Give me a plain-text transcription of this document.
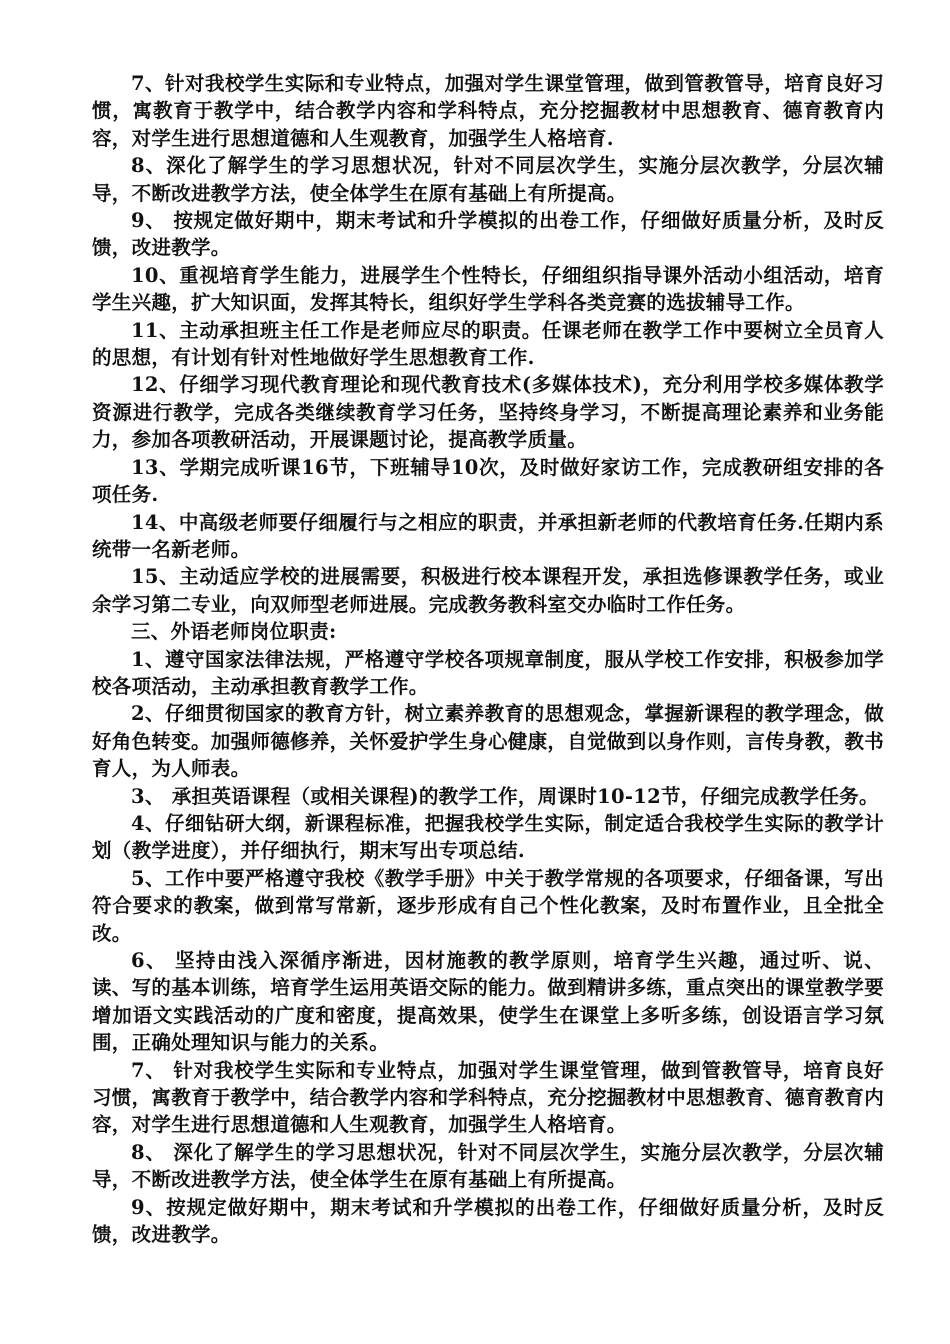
7、针对我校学生实际和专业特点，加强对学生课堂管理，做到管教管导，培育良好习惯，寓教育于教学中，结合教学内容和学科特点，充分挖掘教材中思想教育、德育教育内容，对学生进行思想道德和人生观教育，加强学生人格培育.

8、深化了解学生的学习思想状况，针对不同层次学生，实施分层次教学，分层次辅导，不断改进教学方法，使全体学生在原有基础上有所提高。

9、 按规定做好期中，期末考试和升学模拟的出卷工作，仔细做好质量分析，及时反馈，改进教学。

10、重视培育学生能力，进展学生个性特长，仔细组织指导课外活动小组活动，培育学生兴趣，扩大知识面，发挥其特长，组织好学生学科各类竞赛的选拔辅导工作。

11、主动承担班主任工作是老师应尽的职责。任课老师在教学工作中要树立全员育人的思想，有计划有针对性地做好学生思想教育工作.

12、仔细学习现代教育理论和现代教育技术(多媒体技术)，充分利用学校多媒体教学资源进行教学，完成各类继续教育学习任务，坚持终身学习，不断提高理论素养和业务能力，参加各项教研活动，开展课题讨论，提高教学质量。

13、学期完成听课16节，下班辅导10次，及时做好家访工作，完成教研组安排的各项任务.

14、中高级老师要仔细履行与之相应的职责，并承担新老师的代教培育任务.任期内系统带一名新老师。

15、主动适应学校的进展需要，积极进行校本课程开发，承担选修课教学任务，或业余学习第二专业，向双师型老师进展。完成教务教科室交办临时工作任务。

三、外语老师岗位职责:

1、遵守国家法律法规，严格遵守学校各项规章制度，服从学校工作安排，积极参加学校各项活动，主动承担教育教学工作。

2、仔细贯彻国家的教育方针，树立素养教育的思想观念，掌握新课程的教学理念，做好角色转变。加强师德修养，关怀爱护学生身心健康，自觉做到以身作则，言传身教，教书育人，为人师表。

3、 承担英语课程（或相关课程)的教学工作，周课时10-12节，仔细完成教学任务。

4、仔细钻研大纲，新课程标准，把握我校学生实际，制定适合我校学生实际的教学计划（教学进度），并仔细执行，期末写出专项总结.

5、工作中要严格遵守我校《教学手册》中关于教学常规的各项要求，仔细备课，写出符合要求的教案，做到常写常新，逐步形成有自己个性化教案，及时布置作业，且全批全改。

6、 坚持由浅入深循序渐进，因材施教的教学原则，培育学生兴趣，通过听、说、读、写的基本训练，培育学生运用英语交际的能力。做到精讲多练，重点突出的课堂教学要增加语文实践活动的广度和密度，提高效果，使学生在课堂上多听多练，创设语言学习氛围，正确处理知识与能力的关系。

7、 针对我校学生实际和专业特点，加强对学生课堂管理，做到管教管导，培育良好习惯，寓教育于教学中，结合教学内容和学科特点，充分挖掘教材中思想教育、德育教育内容，对学生进行思想道德和人生观教育，加强学生人格培育。

8、 深化了解学生的学习思想状况，针对不同层次学生，实施分层次教学，分层次辅导，不断改进教学方法，使全体学生在原有基础上有所提高。

9、按规定做好期中，期末考试和升学模拟的出卷工作，仔细做好质量分析，及时反馈，改进教学。
